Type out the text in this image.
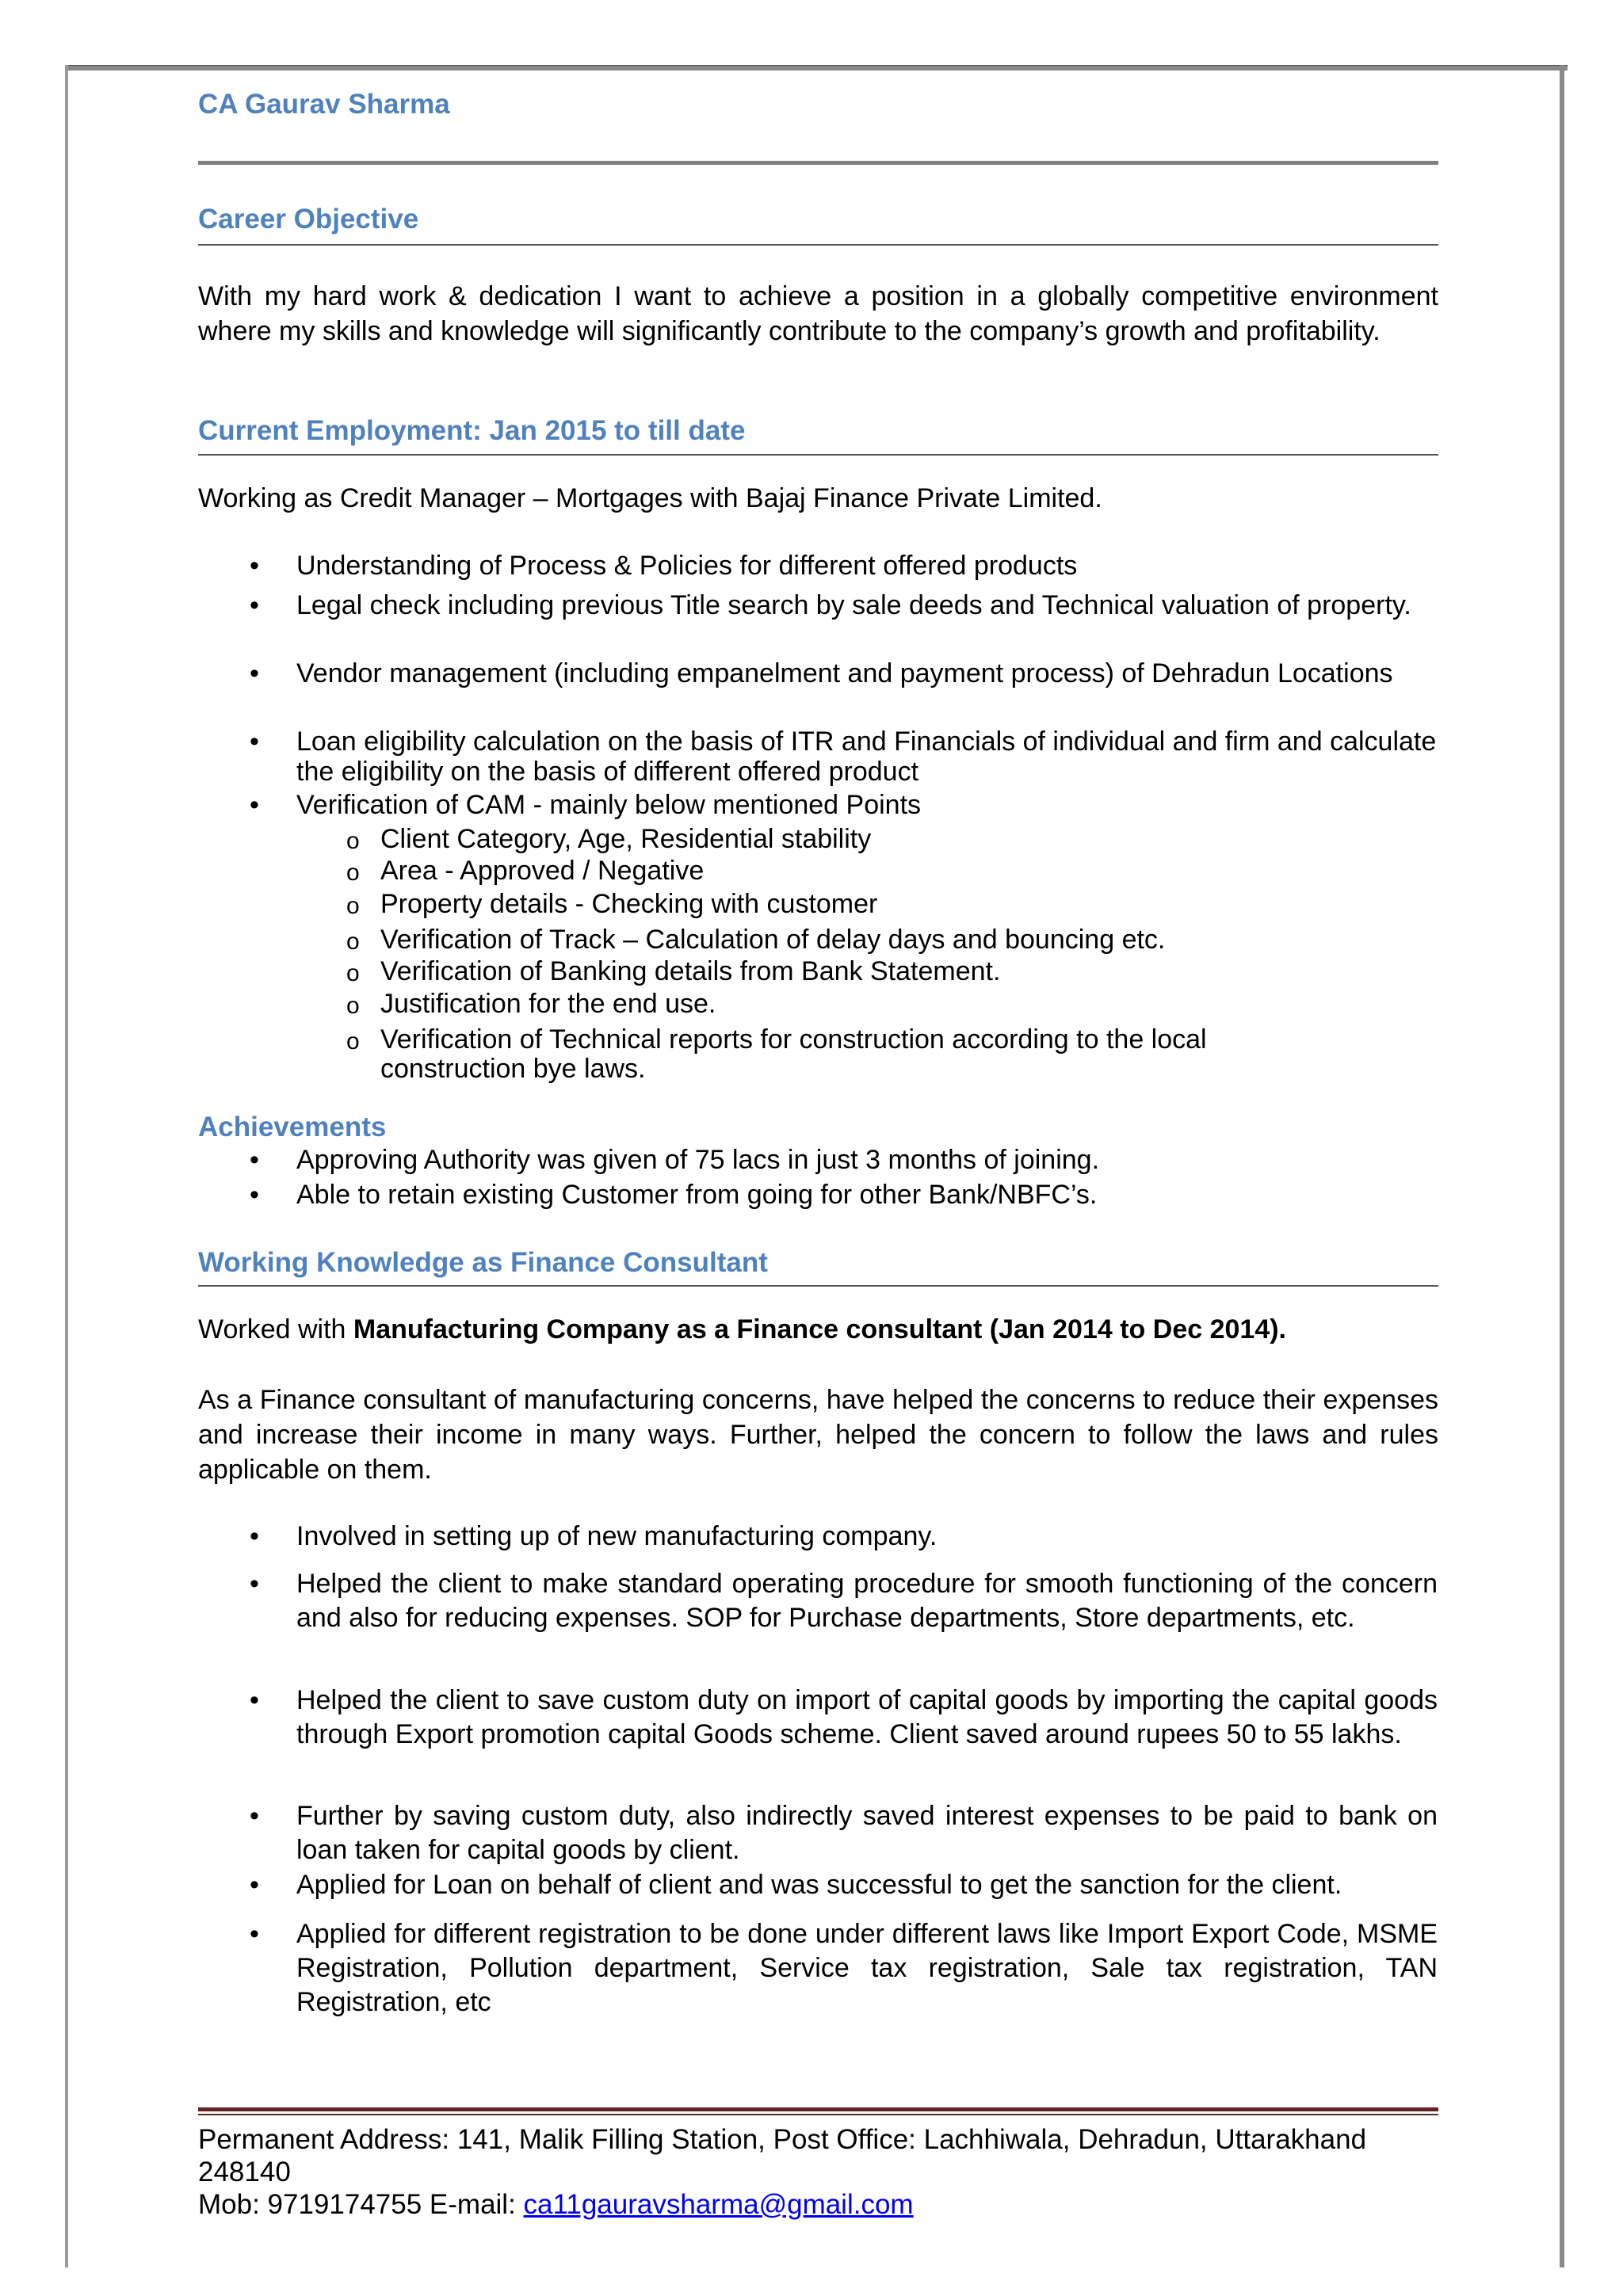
CA Gaurav Sharma
Career Objective
With my hard work & dedication I want to achieve a position in a globally competitive environment where my skills and knowledge will significantly contribute to the company’s growth and profitability.
Current Employment: Jan 2015 to till date
Working as Credit Manager – Mortgages with Bajaj Finance Private Limited.
• Understanding of Process & Policies for different offered products
• Legal check including previous Title search by sale deeds and Technical valuation of property.
• Vendor management (including empanelment and payment process) of Dehradun Locations
• Loan eligibility calculation on the basis of ITR and Financials of individual and firm and calculate the eligibility on the basis of different offered product
• Verification of CAM - mainly below mentioned Points
o Client Category, Age, Residential stability
o Area - Approved / Negative
o Property details - Checking with customer
o Verification of Track – Calculation of delay days and bouncing etc.
o Verification of Banking details from Bank Statement.
o Justification for the end use.
o Verification of Technical reports for construction according to the local construction bye laws.
Achievements
• Approving Authority was given of 75 lacs in just 3 months of joining.
• Able to retain existing Customer from going for other Bank/NBFC’s.
Working Knowledge as Finance Consultant
Worked with Manufacturing Company as a Finance consultant (Jan 2014 to Dec 2014).
As a Finance consultant of manufacturing concerns, have helped the concerns to reduce their expenses and increase their income in many ways. Further, helped the concern to follow the laws and rules applicable on them.
• Involved in setting up of new manufacturing company.
• Helped the client to make standard operating procedure for smooth functioning of the concern and also for reducing expenses. SOP for Purchase departments, Store departments, etc.
• Helped the client to save custom duty on import of capital goods by importing the capital goods through Export promotion capital Goods scheme. Client saved around rupees 50 to 55 lakhs.
• Further by saving custom duty, also indirectly saved interest expenses to be paid to bank on loan taken for capital goods by client.
• Applied for Loan on behalf of client and was successful to get the sanction for the client.
• Applied for different registration to be done under different laws like Import Export Code, MSME Registration, Pollution department, Service tax registration, Sale tax registration, TAN Registration, etc
Permanent Address: 141, Malik Filling Station, Post Office: Lachhiwala, Dehradun, Uttarakhand 248140
Mob: 9719174755 E-mail: ca11gauravsharma@gmail.com
